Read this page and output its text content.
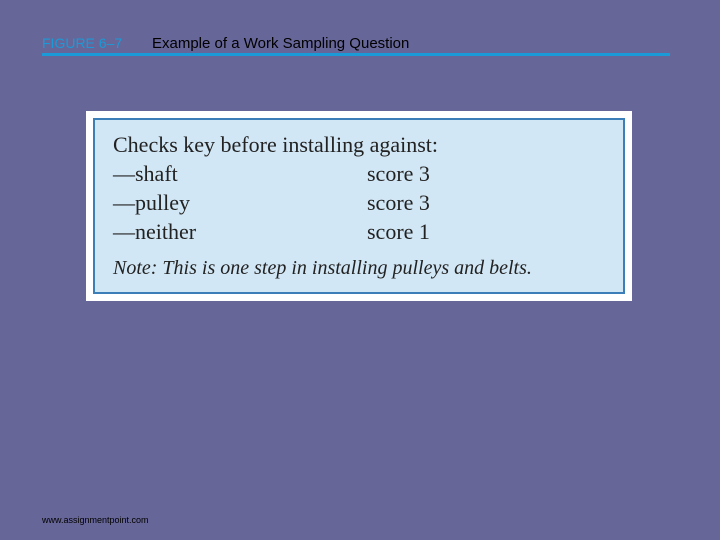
FIGURE 6–7 Example of a Work Sampling Question
Checks key before installing against:
—shaft	score 3
—pulley	score 3
—neither	score 1
Note: This is one step in installing pulleys and belts.
www.assignmentpoint.com
